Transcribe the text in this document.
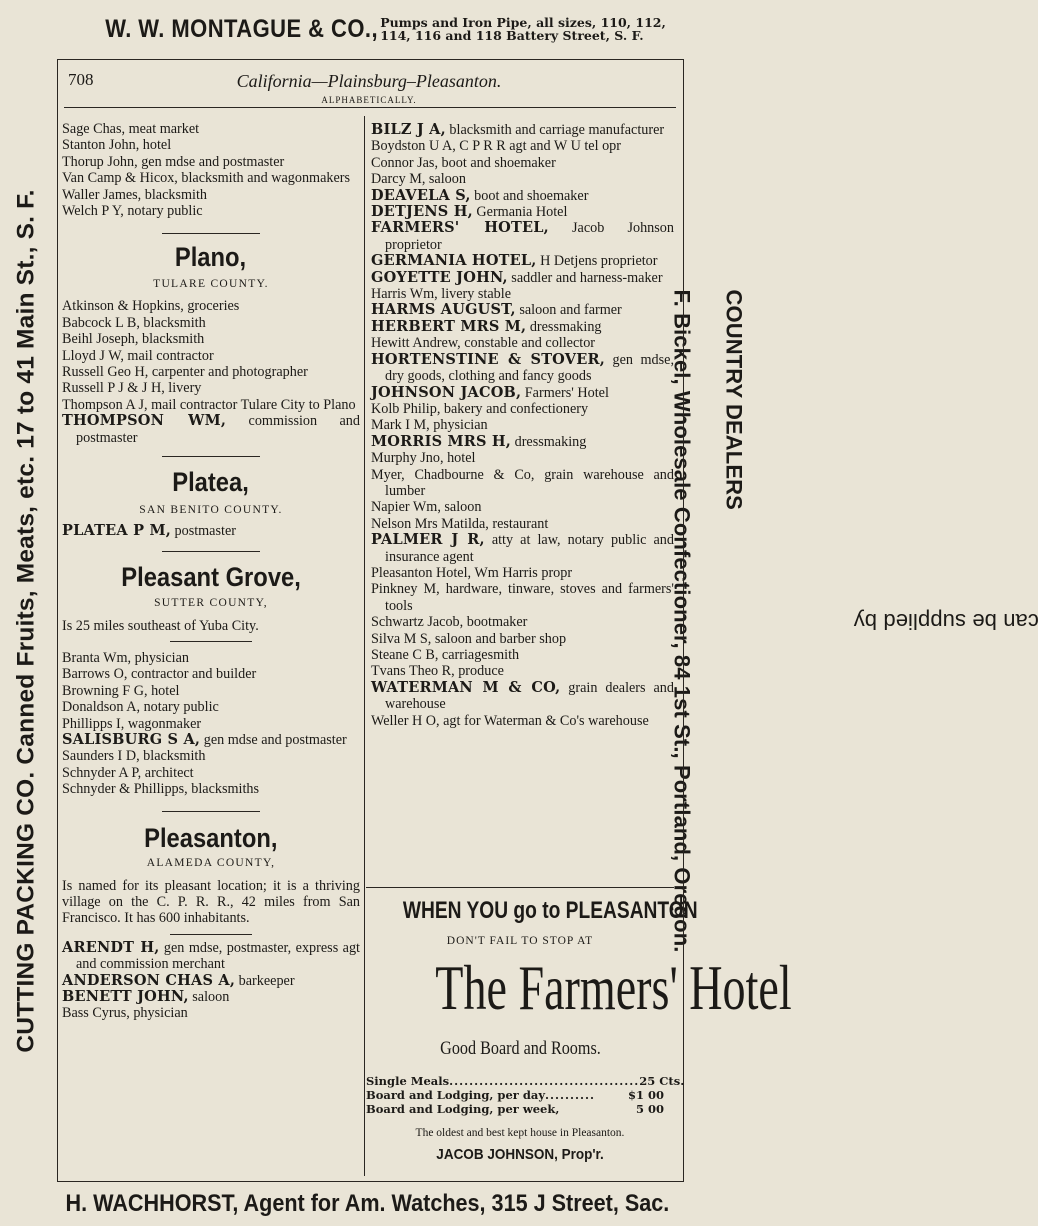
W. W. MONTAGUE & CO., Pumps and Iron Pipe, all sizes, 110, 112,
114, 116 and 118 Battery Street, S. F.
CUTTING PACKING CO. Canned Fruits, Meats, etc. 17 to 41 Main St., S. F.	COUNTRY DEALERS
can be supplied by
F. Bickel, Wholesale Confectioner, 84 1st St., Portland, Oregon.
H. WACHHORST, Agent for Am. Watches, 315 J Street, Sac.
708	California—Plainsburg–Pleasanton.
ALPHABETICALLY.
Sage Chas, meat market
Stanton John, hotel
Thorup John, gen mdse and postmaster
Van Camp & Hicox, blacksmith and wagonmakers
Waller James, blacksmith
Welch P Y, notary public
Plano,
TULARE COUNTY.
Atkinson & Hopkins, groceries
Babcock L B, blacksmith
Beihl Joseph, blacksmith
Lloyd J W, mail contractor
Russell Geo H, carpenter and photographer
Russell P J & J H, livery
Thompson A J, mail contractor Tulare City to Plano
THOMPSON WM, commission and postmaster
Platea,
SAN BENITO COUNTY.
PLATEA P M, postmaster
Pleasant Grove,
SUTTER COUNTY,
Is 25 miles southeast of Yuba City.
Branta Wm, physician
Barrows O, contractor and builder
Browning F G, hotel
Donaldson A, notary public
Phillipps I, wagonmaker
SALISBURG S A, gen mdse and postmaster
Saunders I D, blacksmith
Schnyder A P, architect
Schnyder & Phillipps, blacksmiths
Pleasanton,
ALAMEDA COUNTY,
Is named for its pleasant location; it is a thriving village on the C. P. R. R., 42 miles from San Francisco. It has 600 inhabitants.
ARENDT H, gen mdse, postmaster, express agt and commission merchant
ANDERSON CHAS A, barkeeper
BENETT JOHN, saloon
Bass Cyrus, physician
BILZ J A, blacksmith and carriage manufacturer
Boydston U A, C P R R agt and W U tel opr
Connor Jas, boot and shoemaker
Darcy M, saloon
DEAVELA S, boot and shoemaker
DETJENS H, Germania Hotel
FARMERS' HOTEL, Jacob Johnson proprietor
GERMANIA HOTEL, H Detjens proprietor
GOYETTE JOHN, saddler and harness-maker
Harris Wm, livery stable
HARMS AUGUST, saloon and farmer
HERBERT MRS M, dressmaking
Hewitt Andrew, constable and collector
HORTENSTINE & STOVER, gen mdse, dry goods, clothing and fancy goods
JOHNSON JACOB, Farmers' Hotel
Kolb Philip, bakery and confectionery
Mark I M, physician
MORRIS MRS H, dressmaking
Murphy Jno, hotel
Myer, Chadbourne & Co, grain warehouse and lumber
Napier Wm, saloon
Nelson Mrs Matilda, restaurant
PALMER J R, atty at law, notary public and insurance agent
Pleasanton Hotel, Wm Harris propr
Pinkney M, hardware, tinware, stoves and farmers' tools
Schwartz Jacob, bootmaker
Silva M S, saloon and barber shop
Steane C B, carriagesmith
Tvans Theo R, produce
WATERMAN M & CO, grain dealers and warehouse
Weller H O, agt for Waterman & Co's warehouse
WHEN YOU go to PLEASANTON
DON'T FAIL TO STOP AT
The Farmers' Hotel
Good Board and Rooms.
Single Meals ...................................... 25 Cts.
Board and Lodging, per day ..........	$1 00
Board and Lodging, per week,	5 00
The oldest and best kept house in Pleasanton.
JACOB JOHNSON, Prop'r.
